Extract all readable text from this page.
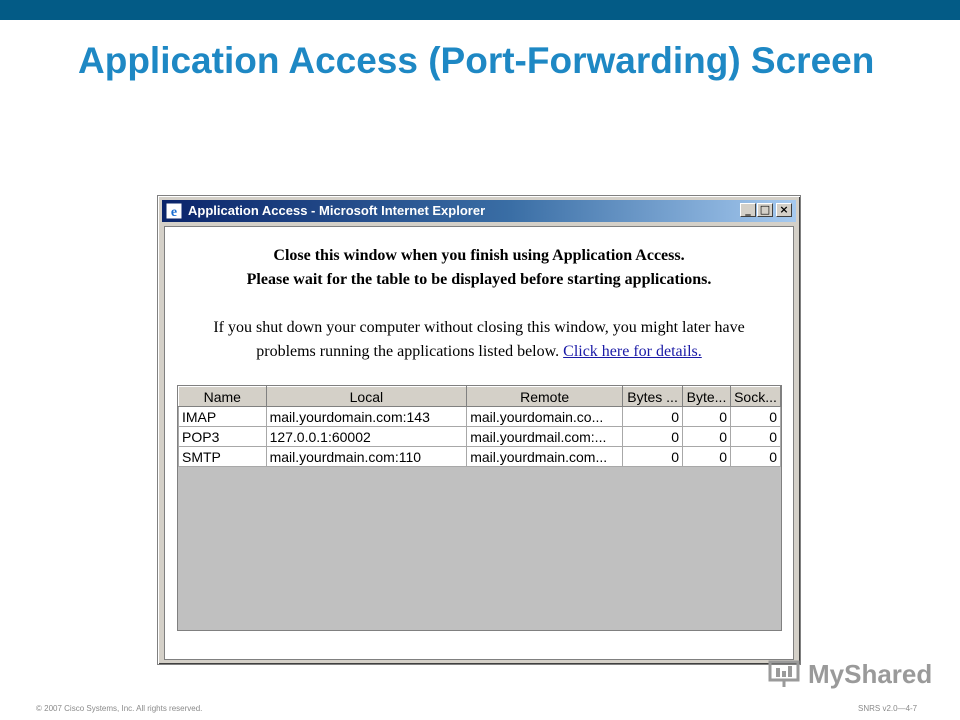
Application Access (Port-Forwarding) Screen
e Application Access - Microsoft Internet Explorer	_ □ ×
Close this window when you finish using Application Access.
Please wait for the table to be displayed before starting applications.
If you shut down your computer without closing this window, you might later have
problems running the applications listed below. Click here for details.
Name	Local	Remote	Bytes ...	Byte...	Sock...
IMAP	mail.yourdomain.com:143	mail.yourdomain.co...	0	0	0
POP3	127.0.0.1:60002	mail.yourdmail.com:...	0	0	0
SMTP	mail.yourdmain.com:110	mail.yourdmain.com...	0	0	0
© 2007 Cisco Systems, Inc. All rights reserved.	SNRS v2.0—4-7
MyShared
